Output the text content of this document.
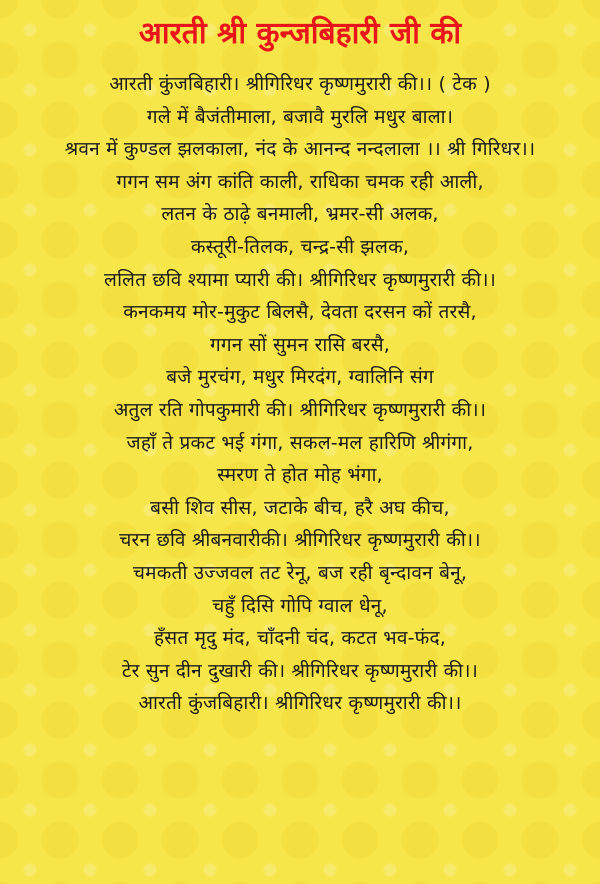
आरती श्री कुन्जबिहारी जी की
आरती कुंजबिहारी। श्रीगिरिधर कृष्णमुरारी की।। ( टेक )
गले में बैजंतीमाला, बजावै मुरलि मधुर बाला।
श्रवन में कुण्डल झलकाला, नंद के आनन्द नन्दलाला ।। श्री गिरिधर।।
गगन सम अंग कांति काली, राधिका चमक रही आली,
लतन के ठाढ़े बनमाली, भ्रमर-सी अलक,
कस्तूरी-तिलक, चन्द्र-सी झलक,
ललित छवि श्यामा प्यारी की। श्रीगिरिधर कृष्णमुरारी की।।
कनकमय मोर-मुकुट बिलसै, देवता दरसन कों तरसै,
गगन सों सुमन रासि बरसै,
बजे मुरचंग, मधुर मिरदंग, ग्वालिनि संग
अतुल रति गोपकुमारी की। श्रीगिरिधर कृष्णमुरारी की।।
जहाँ ते प्रकट भई गंगा, सकल-मल हारिणि श्रीगंगा,
स्मरण ते होत मोह भंगा,
बसी शिव सीस, जटाके बीच, हरै अघ कीच,
चरन छवि श्रीबनवारीकी। श्रीगिरिधर कृष्णमुरारी की।।
चमकती उज्जवल तट रेनू, बज रही बृन्दावन बेनू,
चहुँ दिसि गोपि ग्वाल धेनू,
हँसत मृदु मंद, चाँदनी चंद, कटत भव-फंद,
टेर सुन दीन दुखारी की। श्रीगिरिधर कृष्णमुरारी की।।
आरती कुंजबिहारी। श्रीगिरिधर कृष्णमुरारी की।।
